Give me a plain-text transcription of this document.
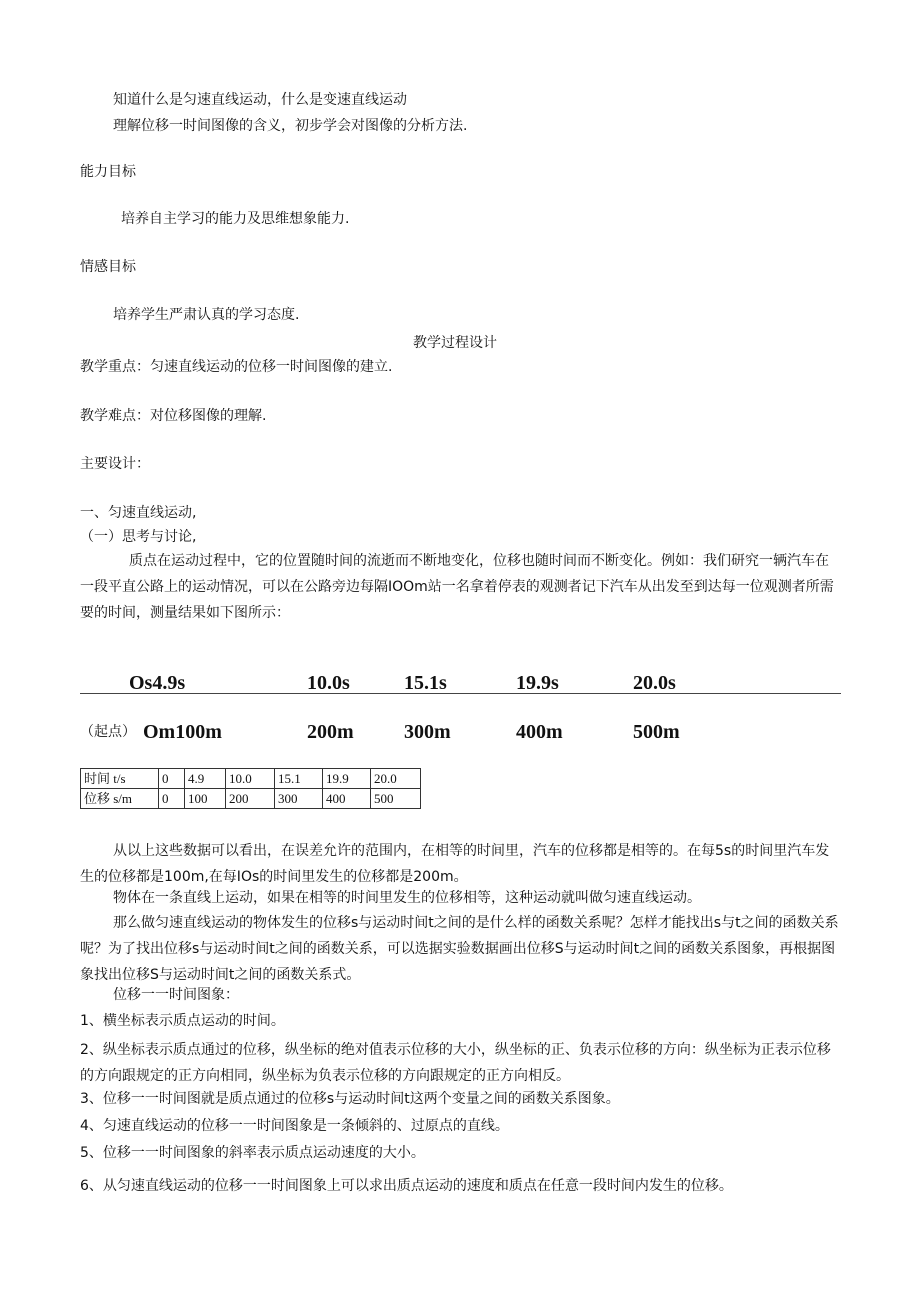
知道什么是匀速直线运动，什么是变速直线运动
理解位移一时间图像的含义，初步学会对图像的分析方法.
能力目标
培养自主学习的能力及思维想象能力.
情感目标
培养学生严肃认真的学习态度.
教学过程设计
教学重点：匀速直线运动的位移一时间图像的建立.
教学难点：对位移图像的理解.
主要设计：
一、匀速直线运动,
（一）思考与讨论,
质点在运动过程中，它的位置随时间的流逝而不断地变化，位移也随时间而不断变化。例如：我们研究一辆汽车在一段平直公路上的运动情况，可以在公路旁边每隔IOOm站一名拿着停表的观测者记下汽车从出发至到达每一位观测者所需要的时间，测量结果如下图所示：
Os4.9s	10.0s	15.1s	19.9s	20.0s
（起点） Om100m	200m	300m	400m	500m
时间 t/s	0	4.9	10.0	15.1	19.9	20.0
位移 s/m	0	100	200	300	400	500
从以上这些数据可以看出，在误差允许的范围内，在相等的时间里，汽车的位移都是相等的。在每5s的时间里汽车发生的位移都是100m,在每IOs的时间里发生的位移都是200m。
物体在一条直线上运动，如果在相等的时间里发生的位移相等，这种运动就叫做匀速直线运动。
那么做匀速直线运动的物体发生的位移s与运动时间t之间的是什么样的函数关系呢？怎样才能找出s与t之间的函数关系呢？为了找出位移s与运动时间t之间的函数关系，可以选据实验数据画出位移S与运动时间t之间的函数关系图象，再根据图象找出位移S与运动时间t之间的函数关系式。
位移一一时间图象：
1、横坐标表示质点运动的时间。
2、纵坐标表示质点通过的位移，纵坐标的绝对值表示位移的大小，纵坐标的正、负表示位移的方向：纵坐标为正表示位移的方向跟规定的正方向相同，纵坐标为负表示位移的方向跟规定的正方向相反。
3、位移一一时间图就是质点通过的位移s与运动时间t这两个变量之间的函数关系图象。
4、匀速直线运动的位移一一时间图象是一条倾斜的、过原点的直线。
5、位移一一时间图象的斜率表示质点运动速度的大小。
6、从匀速直线运动的位移一一时间图象上可以求出质点运动的速度和质点在任意一段时间内发生的位移。
